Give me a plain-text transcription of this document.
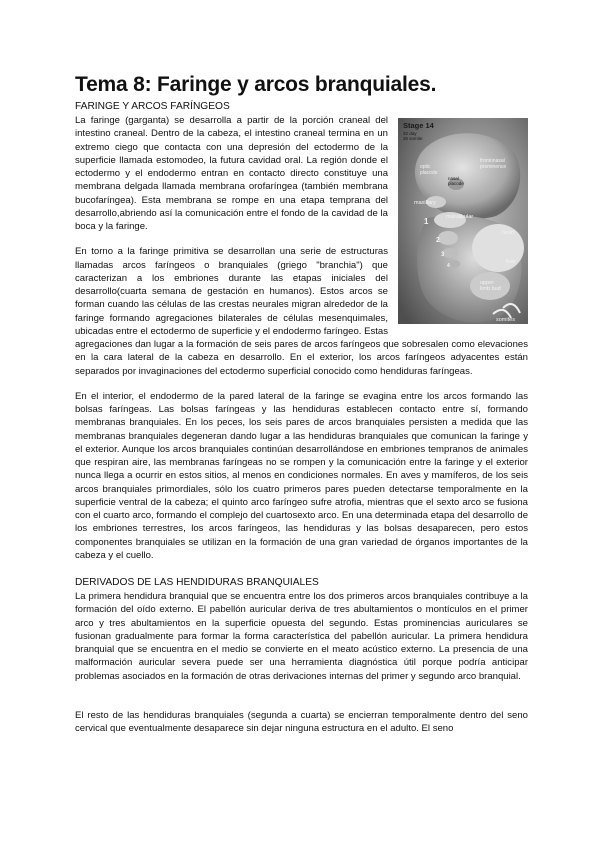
Tema 8: Faringe y arcos branquiales.
FARINGE Y ARCOS FARÍNGEOS
Stage 14
32 day
35 somite
optic placode
nasal placode
frontonasal prominence
maxillary
mandibular
heart
liver
upper limb bud
somites
1
2
3
4

La faringe (garganta) se desarrolla a partir de la porción craneal del intestino craneal. Dentro de la cabeza, el intestino craneal termina en un extremo ciego que contacta con una depresión del ectodermo de la superficie llamada estomodeo, la futura cavidad oral. La región donde el ectodermo y el endodermo entran en contacto directo constituye una membrana delgada llamada membrana orofaríngea (también membrana bucofaríngea). Esta membrana se rompe en una etapa temprana del desarrollo,abriendo así la comunicación entre el fondo de la cavidad de la boca y la faringe.

En torno a la faringe primitiva se desarrollan una serie de estructuras llamadas arcos faríngeos o branquiales (griego "branchia") que caracterizan a los embriones durante las etapas iniciales del desarrollo(cuarta semana de gestación en humanos). Estos arcos se forman cuando las células de las crestas neurales migran alrededor de la faringe formando agregaciones bilaterales de células mesenquimales, ubicadas entre el ectodermo de superficie y el endodermo faríngeo. Estas agregaciones dan lugar a la formación de seis pares de arcos faríngeos que sobresalen como elevaciones en la cara lateral de la cabeza en desarrollo. En el exterior, los arcos faríngeos adyacentes están separados por invaginaciones del ectodermo superficial conocido como hendiduras faríngeas.

En el interior, el endodermo de la pared lateral de la faringe se evagina entre los arcos formando las bolsas faríngeas. Las bolsas faríngeas y las hendiduras establecen contacto entre sí, formando membranas branquiales. En los peces, los seis pares de arcos branquiales persisten a medida que las membranas branquiales degeneran dando lugar a las hendiduras branquiales que comunican la faringe y el exterior. Aunque los arcos branquiales continúan desarrollándose en embriones tempranos de animales que respiran aire, las membranas faríngeas no se rompen y la comunicación entre la faringe y el exterior nunca llega a ocurrir en estos sitios, al menos en condiciones normales. En aves y mamíferos, de los seis arcos branquiales primordiales, sólo los cuatro primeros pares pueden detectarse temporalmente en la superficie ventral de la cabeza; el quinto arco faríngeo sufre atrofia, mientras que el sexto arco se fusiona con el cuarto arco, formando el complejo del cuartosexto arco. En una determinada etapa del desarrollo de los embriones terrestres, los arcos faríngeos, las hendiduras y las bolsas desaparecen, pero estos componentes branquiales se utilizan en la formación de una gran variedad de órganos importantes de la cabeza y el cuello.

DERIVADOS DE LAS HENDIDURAS BRANQUIALES

La primera hendidura branquial que se encuentra entre los dos primeros arcos branquiales contribuye a la formación del oído externo. El pabellón auricular deriva de tres abultamientos o montículos en el primer arco y tres abultamientos en la superficie opuesta del segundo. Estas prominencias auriculares se fusionan gradualmente para formar la forma característica del pabellón auricular. La primera hendidura branquial que se encuentra en el medio se convierte en el meato acústico externo. La presencia de una malformación auricular severa puede ser una herramienta diagnóstica útil porque podría anticipar problemas asociados en la formación de otras derivaciones internas del primer y segundo arco branquial.

El resto de las hendiduras branquiales (segunda a cuarta) se encierran temporalmente dentro del seno cervical que eventualmente desaparece sin dejar ninguna estructura en el adulto. El seno
